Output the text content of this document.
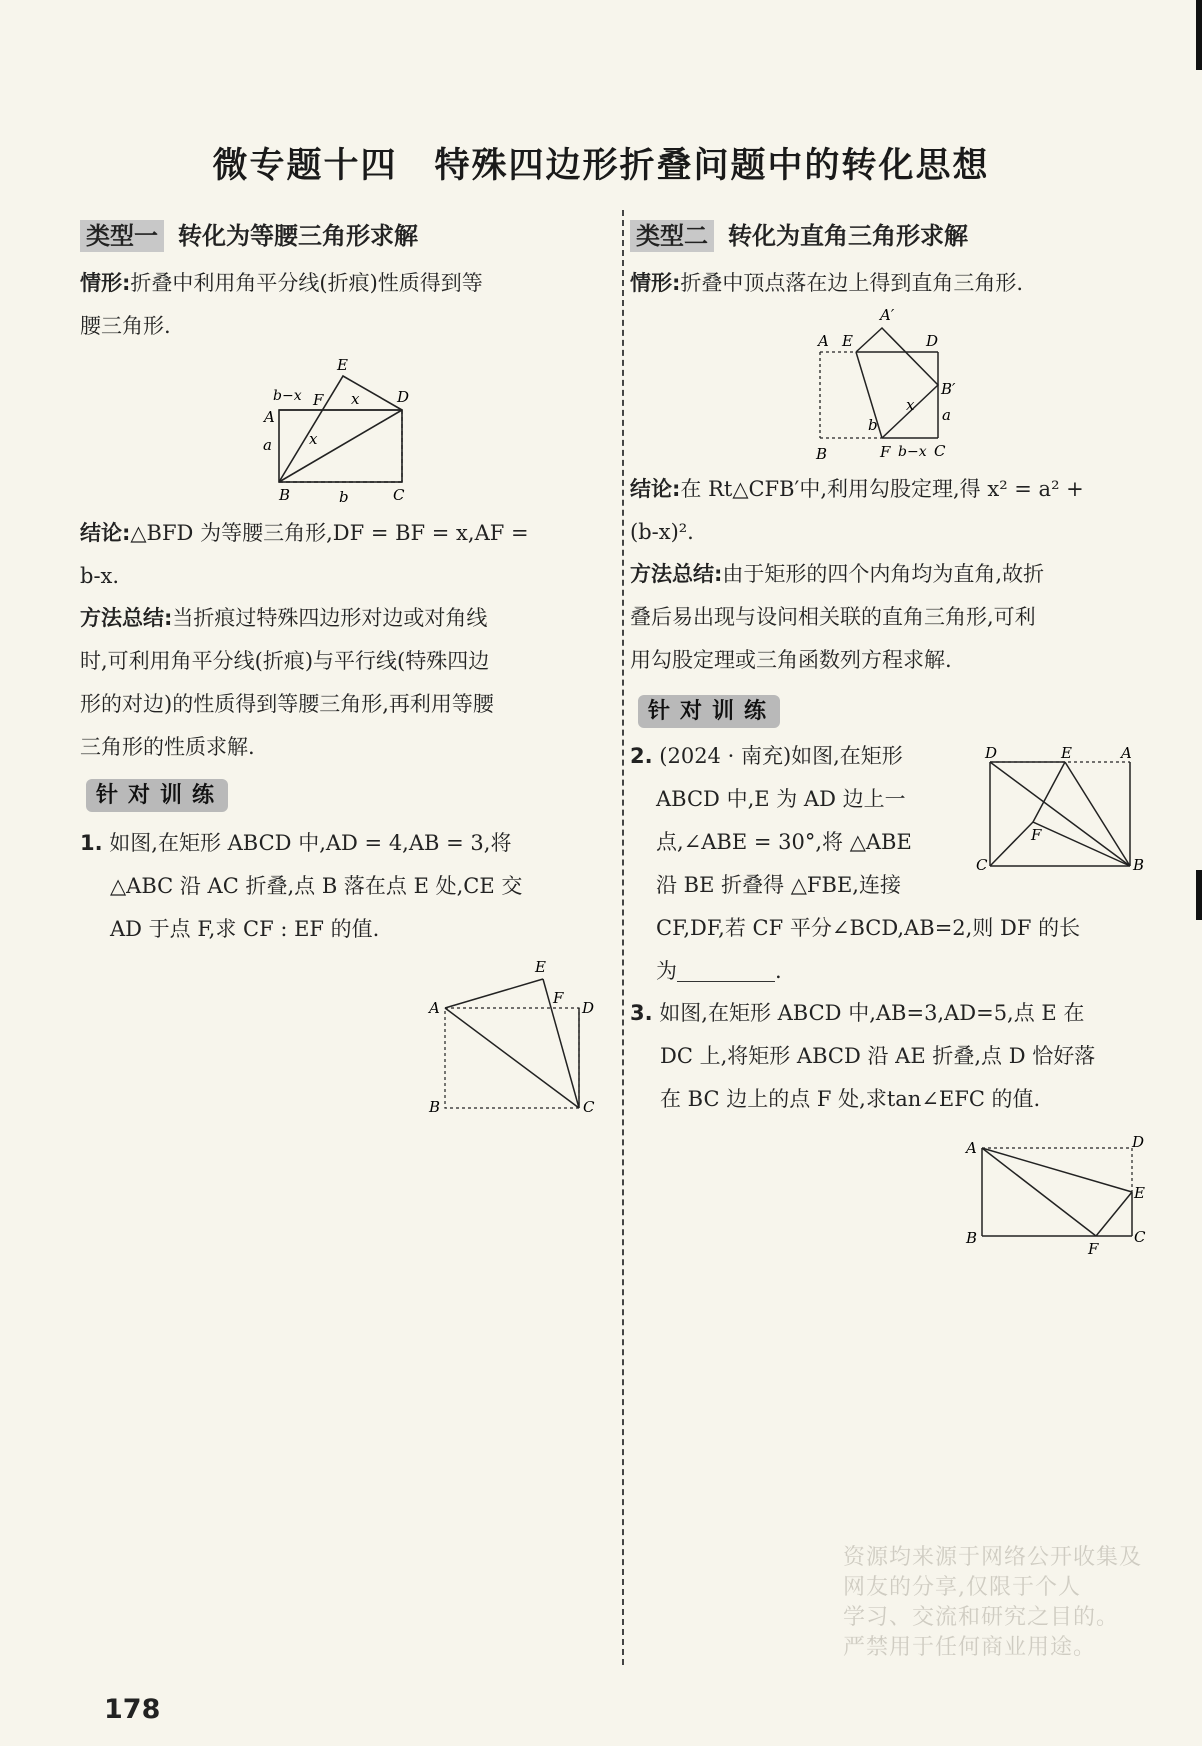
微专题十四　特殊四边形折叠问题中的转化思想
类型一 转化为等腰三角形求解
情形:折叠中利用角平分线(折痕)性质得到等
腰三角形.
E
b−x F x	D
A
x
a
B	b	C
结论:△BFD 为等腰三角形,DF = BF = x,AF =
b-x.
方法总结:当折痕过特殊四边形对边或对角线
时,可利用角平分线(折痕)与平行线(特殊四边
形的对边)的性质得到等腰三角形,再利用等腰
三角形的性质求解.
针对训练
1. 如图,在矩形 ABCD 中,AD = 4,AB = 3,将
△ABC 沿 AC 折叠,点 B 落在点 E 处,CE 交
AD 于点 F,求 CF : EF 的值.
E
F
A	D
B	C
类型二 转化为直角三角形求解
情形:折叠中顶点落在边上得到直角三角形.
A′
A E	D
B′
x
a
b
B	F b−x C
结论:在 Rt△CFB′中,利用勾股定理,得 x² = a² +
(b-x)².
方法总结:由于矩形的四个内角均为直角,故折
叠后易出现与设问相关联的直角三角形,可利
用勾股定理或三角函数列方程求解.
针对训练
2. (2024 · 南充)如图,在矩形
ABCD 中,E 为 AD 边上一
点,∠ABE = 30°,将 △ABE
沿 BE 折叠得 △FBE,连接
CF,DF,若 CF 平分∠BCD,AB=2,则 DF 的长
为	.
D	E	A
F
C	B
3. 如图,在矩形 ABCD 中,AB=3,AD=5,点 E 在
DC 上,将矩形 ABCD 沿 AE 折叠,点 D 恰好落
在 BC 边上的点 F 处,求tan∠EFC 的值.
A	D
E
B
F
C
资源均来源于网络公开收集及
网友的分享,仅限于个人
学习、交流和研究之目的。
严禁用于任何商业用途。
178
